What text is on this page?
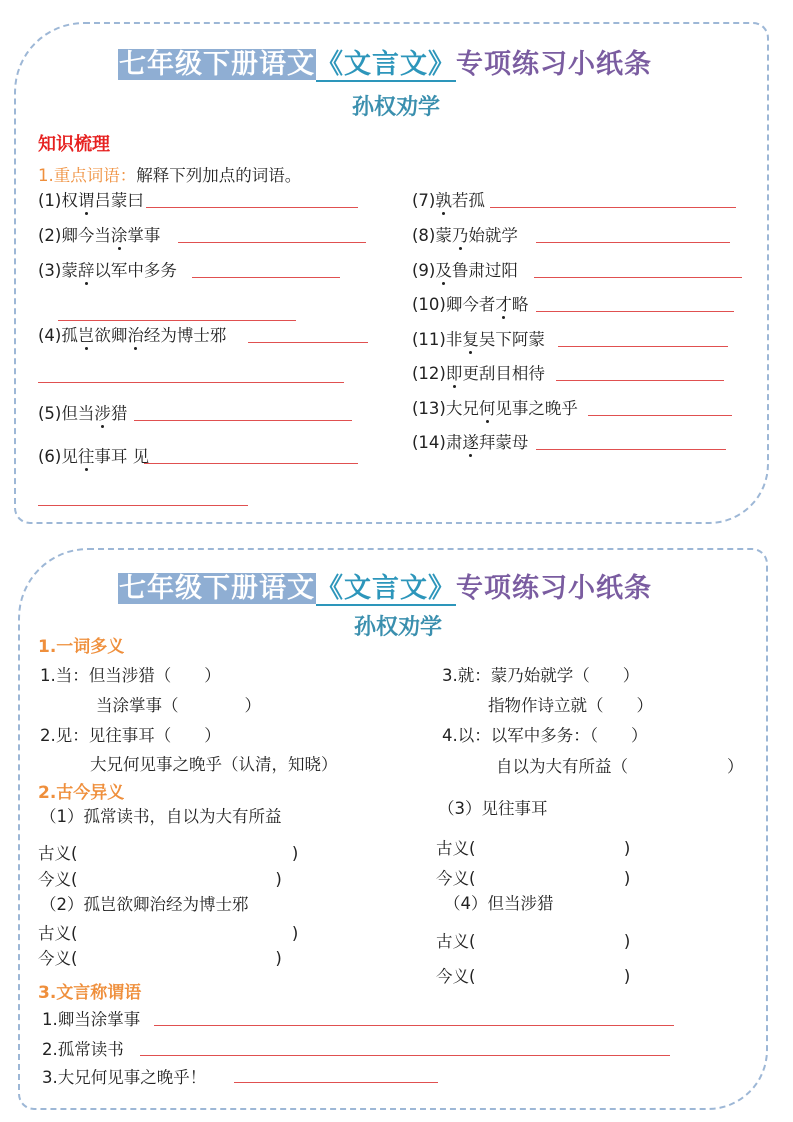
七年级下册语文《文言文》专项练习小纸条
孙权劝学
知识梳理
1.重点词语：解释下列加点的词语。
(1)权谓吕蒙曰
(2)卿今当涂掌事
(3)蒙辞以军中多务
(4)孤岂欲卿治经为博士邪
(5)但当涉猎
(6)见往事耳 见
(7)孰若孤
(8)蒙乃始就学
(9)及鲁肃过阳
(10)卿今者才略
(11)非复吴下阿蒙
(12)即更刮目相待
(13)大兄何见事之晚乎
(14)肃遂拜蒙母
七年级下册语文《文言文》专项练习小纸条
孙权劝学
1.一词多义
1.当：但当涉猎（　　）
当涂掌事（　　　　）
2.见：见往事耳（　　）
大兄何见事之晚乎（认清，知晓）
3.就：蒙乃始就学（　　）
指物作诗立就（　　）
4.以：以军中多务：（　　）
自以为大有所益（　　　　　　）
2.古今异义
（1）孤常读书，自以为大有所益
古义(　　　　　　　　　　　　　)
今义(　　　　　　　　　　　　)
（2）孤岂欲卿治经为博士邪
古义(　　　　　　　　　　　　　)
今义(　　　　　　　　　　　　)
（3）见往事耳
古义(　　　　　　　　　)
今义(　　　　　　　　　)
（4）但当涉猎
古义(　　　　　　　　　)
今义(　　　　　　　　　)
3.文言称谓语
1.卿当涂掌事
2.孤常读书
3.大兄何见事之晚乎！
